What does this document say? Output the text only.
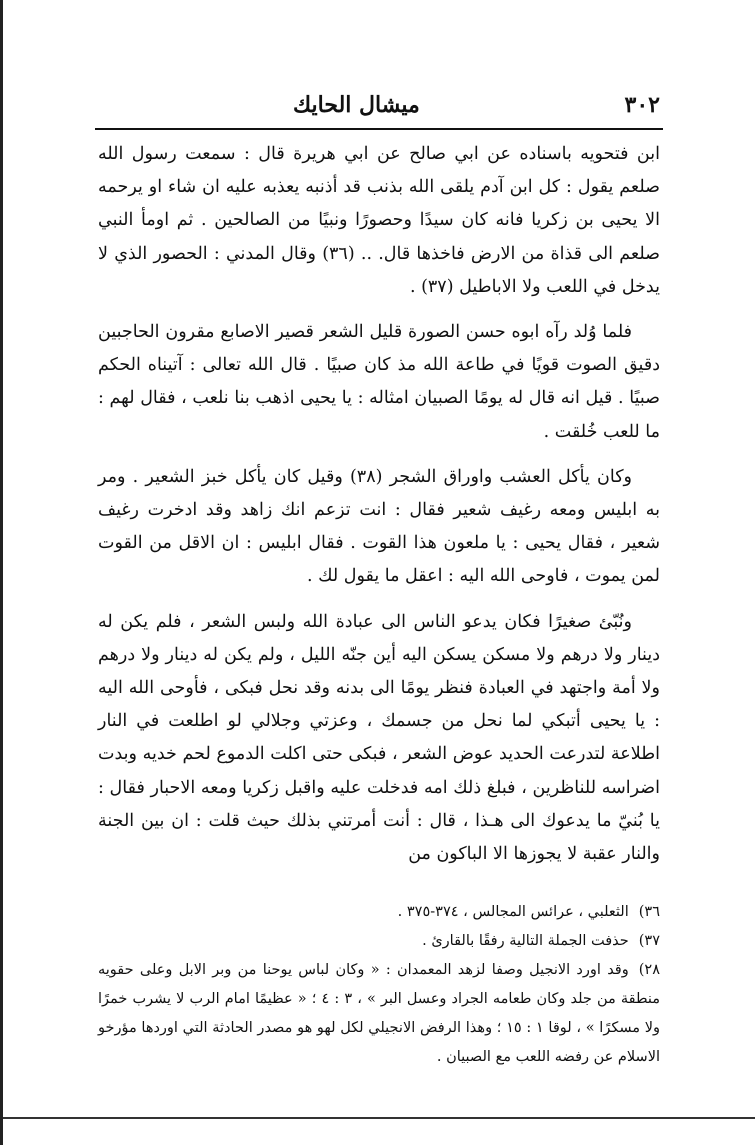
٣٠٢
ميشال الحايك

ابن فتحويه باسناده عن ابي صالح عن ابي هريرة قال : سمعت رسول الله صلعم يقول : كل ابن آدم يلقى الله بذنب قد أذنبه يعذبه عليه ان شاء او يرحمه الا يحيى بن زكريا فانه كان سيدًا وحصورًا ونبيًا من الصالحين . ثم اومأ النبي صلعم الى قذاة من الارض فاخذها قال. .. (٣٦) وقال المدني : الحصور الذي لا يدخل في اللعب ولا الاباطيل (٣٧) .

فلما وُلد رآه ابوه حسن الصورة قليل الشعر قصير الاصابع مقرون الحاجبين دقيق الصوت قويًا في طاعة الله مذ كان صبيًا . قال الله تعالى : آتيناه الحكم صبيًا . قيل انه قال له يومًا الصبيان امثاله : يا يحيى اذهب بنا نلعب ، فقال لهم : ما للعب خُلقت .

وكان يأكل العشب واوراق الشجر (٣٨) وقيل كان يأكل خبز الشعير . ومر به ابليس ومعه رغيف شعير فقال : انت تزعم انك زاهد وقد ادخرت رغيف شعير ، فقال يحيى : يا ملعون هذا القوت . فقال ابليس : ان الاقل من القوت لمن يموت ، فاوحى الله اليه : اعقل ما يقول لك .

ونُبّئ صغيرًا فكان يدعو الناس الى عبادة الله ولبس الشعر ، فلم يكن له دينار ولا درهم ولا مسكن يسكن اليه أين جنّه الليل ، ولم يكن له دينار ولا درهم ولا أمة واجتهد في العبادة فنظر يومًا الى بدنه وقد نحل فبكى ، فأوحى الله اليه : يا يحيى أتبكي لما نحل من جسمك ، وعزتي وجلالي لو اطلعت في النار اطلاعة لتدرعت الحديد عوض الشعر ، فبكى حتى اكلت الدموع لحم خديه وبدت اضراسه للناظرين ، فبلغ ذلك امه فدخلت عليه واقبل زكريا ومعه الاحبار فقال : يا بُنيّ ما يدعوك الى هـذا ، قال : أنت أمرتني بذلك حيث قلت : ان بين الجنة والنار عقبة لا يجوزها الا الباكون من

٣٦)الثعلبي ، عرائس المجالس ، ٣٧٤-٣٧٥ .

٣٧)حذفت الجملة التالية رفقًا بالقارئ .

٢٨)وقد اورد الانجيل وصفا لزهد المعمدان : « وكان لباس يوحنا من وبر الابل وعلى حقويه منطقة من جلد وكان طعامه الجراد وعسل البر » ، ٣ : ٤ ؛ « عظيمًا امام الرب لا يشرب خمرًا ولا مسكرًا » ، لوقا ١ : ١٥ ؛ وهذا الرفض الانجيلي لكل لهو هو مصدر الحادثة التي اوردها مؤرخو الاسلام عن رفضه اللعب مع الصبيان .
